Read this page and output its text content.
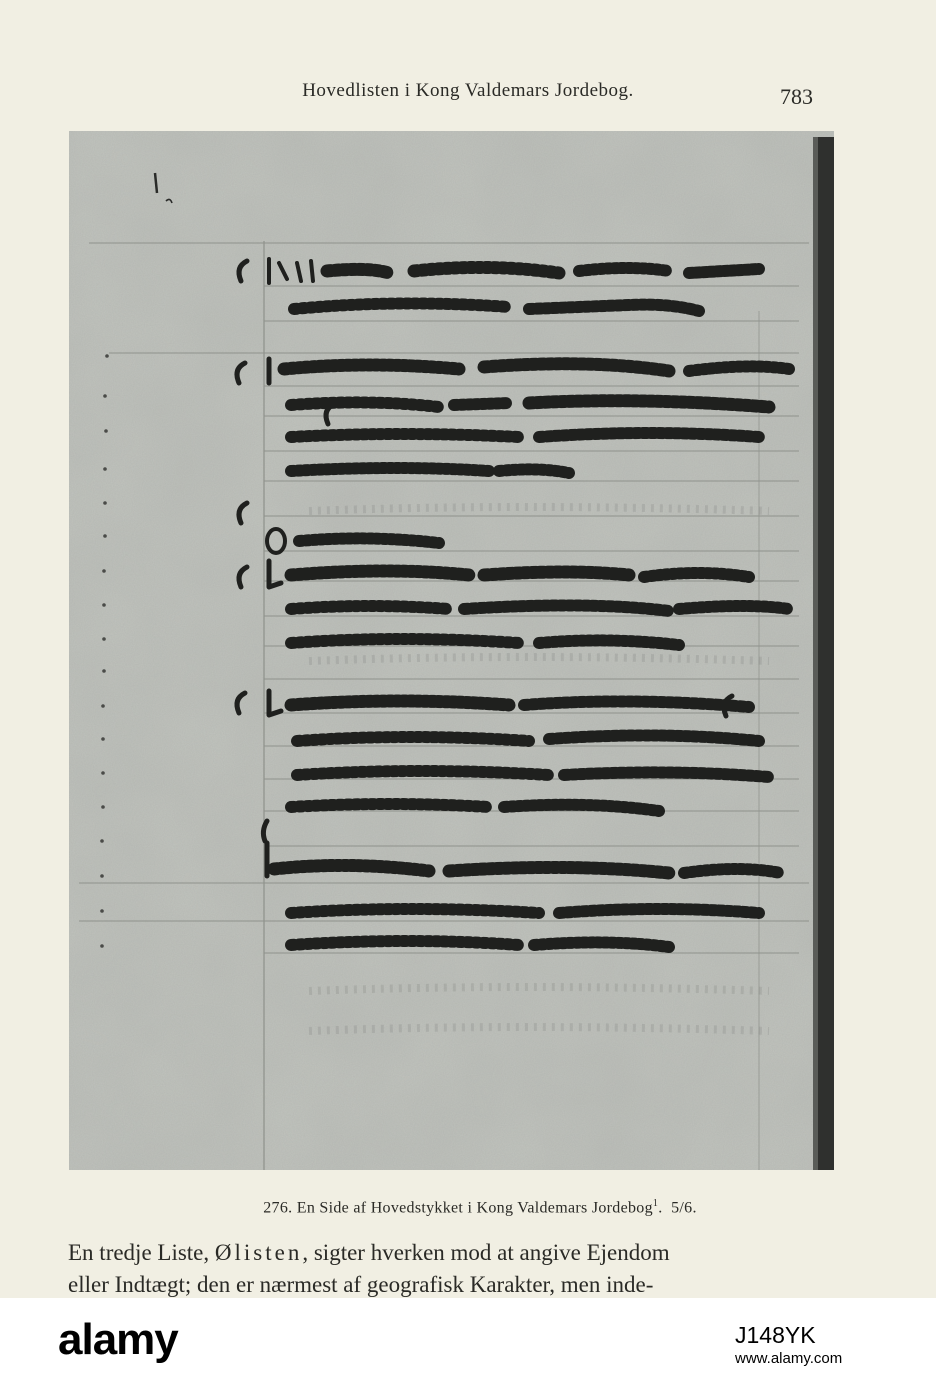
Hovedlisten i Kong Valdemars Jordebog.	783
276. En Side af Hovedstykket i Kong Valdemars Jordebog$^1$.  5/6.
En tredje Liste, Ølisten, sigter hverken mod at angive Ejendom
eller Indtægt; den er nærmest af geografisk Karakter, men inde-
alamy	J148YK
www.alamy.com
